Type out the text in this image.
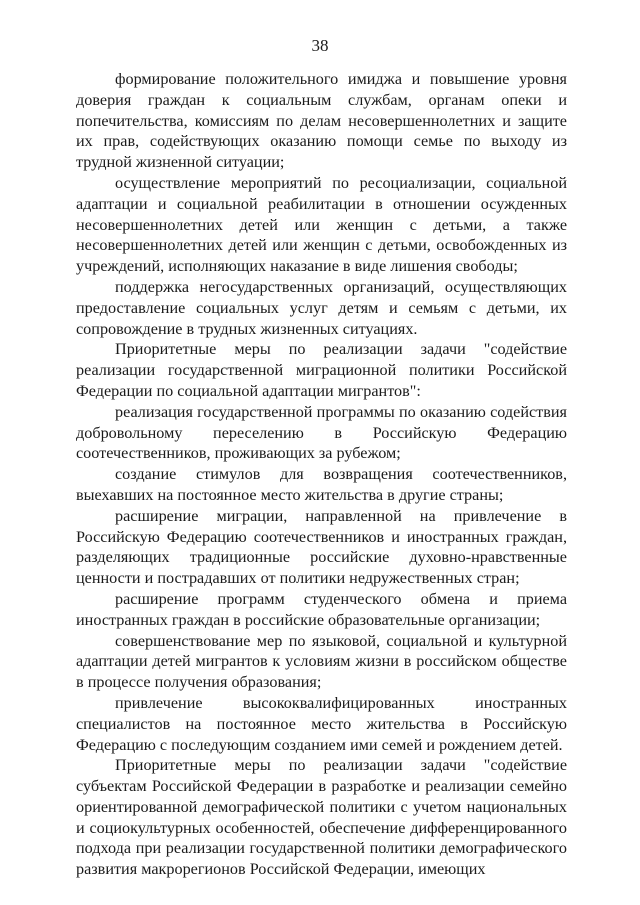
38

формирование положительного имиджа и повышение уровня доверия граждан к социальным службам, органам опеки и попечительства, комиссиям по делам несовершеннолетних и защите их прав, содействующих оказанию помощи семье по выходу из трудной жизненной ситуации;

осуществление мероприятий по ресоциализации, социальной адаптации и социальной реабилитации в отношении осужденных несовершеннолетних детей или женщин с детьми, а также несовершеннолетних детей или женщин с детьми, освобожденных из учреждений, исполняющих наказание в виде лишения свободы;

поддержка негосударственных организаций, осуществляющих предоставление социальных услуг детям и семьям с детьми, их сопровождение в трудных жизненных ситуациях.

Приоритетные меры по реализации задачи "содействие реализации государственной миграционной политики Российской Федерации по социальной адаптации мигрантов":

реализация государственной программы по оказанию содействия добровольному переселению в Российскую Федерацию соотечественников, проживающих за рубежом;

создание стимулов для возвращения соотечественников, выехавших на постоянное место жительства в другие страны;

расширение миграции, направленной на привлечение в Российскую Федерацию соотечественников и иностранных граждан, разделяющих традиционные российские духовно-нравственные ценности и пострадавших от политики недружественных стран;

расширение программ студенческого обмена и приема иностранных граждан в российские образовательные организации;

совершенствование мер по языковой, социальной и культурной адаптации детей мигрантов к условиям жизни в российском обществе в процессе получения образования;

привлечение высококвалифицированных иностранных специалистов на постоянное место жительства в Российскую Федерацию с последующим созданием ими семей и рождением детей.

Приоритетные меры по реализации задачи "содействие субъектам Российской Федерации в разработке и реализации семейно ориентированной демографической политики с учетом национальных и социокультурных особенностей, обеспечение дифференцированного подхода при реализации государственной политики демографического развития макрорегионов Российской Федерации, имеющих
